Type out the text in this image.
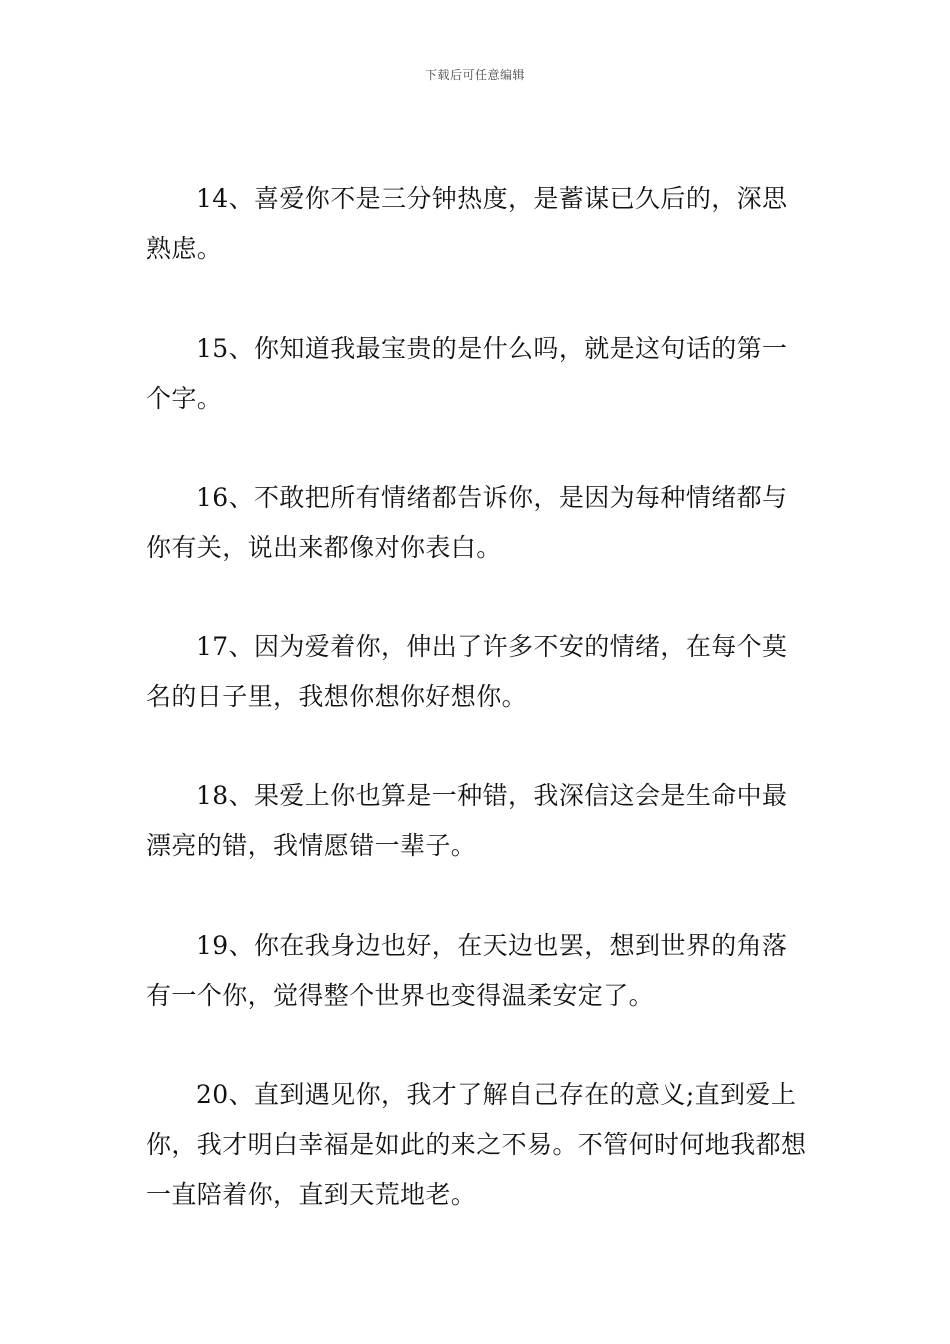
下载后可任意编辑

14、喜爱你不是三分钟热度，是蓄谋已久后的，深思熟虑。

15、你知道我最宝贵的是什么吗，就是这句话的第一个字。

16、不敢把所有情绪都告诉你，是因为每种情绪都与你有关，说出来都像对你表白。

17、因为爱着你，伸出了许多不安的情绪，在每个莫名的日子里，我想你想你好想你。

18、果爱上你也算是一种错，我深信这会是生命中最漂亮的错，我情愿错一辈子。

19、你在我身边也好，在天边也罢，想到世界的角落有一个你，觉得整个世界也变得温柔安定了。

20、直到遇见你，我才了解自己存在的意义;直到爱上你，我才明白幸福是如此的来之不易。不管何时何地我都想一直陪着你，直到天荒地老。
